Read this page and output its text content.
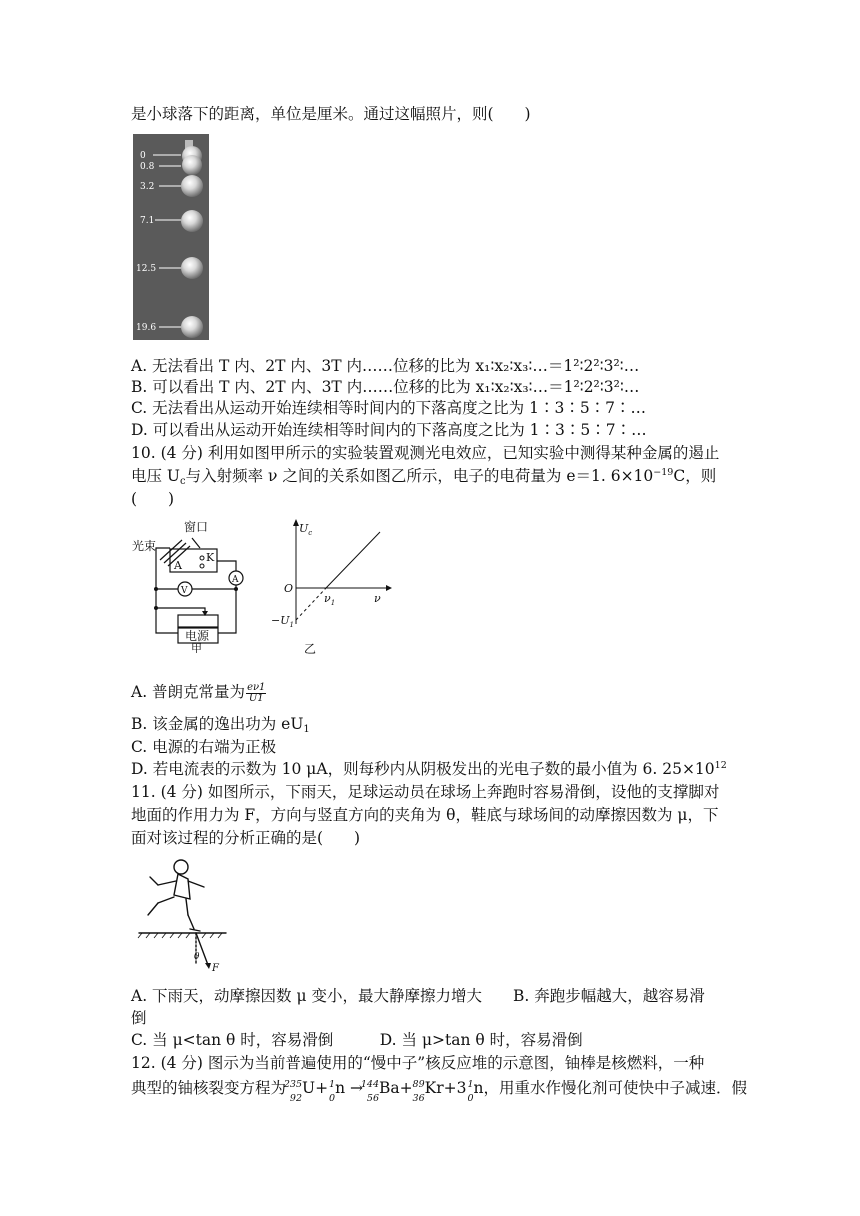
是小球落下的距离，单位是厘米。通过这幅照片，则(　　)
0
0.8
3.2
7.1
12.5
19.6
A. 无法看出 T 内、2T 内、3T 内……位移的比为 x₁∶x₂∶x₃∶…＝1²∶2²∶3²∶…
B. 可以看出 T 内、2T 内、3T 内……位移的比为 x₁∶x₂∶x₃∶…＝1²∶2²∶3²∶…
C. 无法看出从运动开始连续相等时间内的下落高度之比为 1∶3∶5∶7∶…
D. 可以看出从运动开始连续相等时间内的下落高度之比为 1∶3∶5∶7∶…
10. (4 分) 利用如图甲所示的实验装置观测光电效应，已知实验中测得某种金属的遏止
电压 $U_c$与入射频率 ν 之间的关系如图乙所示，电子的电荷量为 e＝1. $6\times 10^{-19}C$，则
(　　)
光束
窗口
K
A
A
V
电源
甲
$U_c$
O
ν
$\nu_1$
$-U_1$
乙
A. 普朗克常量为 $\frac{e\nu 1}{U1}$
B. 该金属的逸出功为 $eU_1$
C. 电源的右端为正极
D. 若电流表的示数为 10 μA，则每秒内从阴极发出的光电子数的最小值为 6. $25\times 10^{12}$
11. (4 分) 如图所示，下雨天，足球运动员在球场上奔跑时容易滑倒，设他的支撑脚对
地面的作用力为 F，方向与竖直方向的夹角为 θ，鞋底与球场间的动摩擦因数为 μ，下
面对该过程的分析正确的是(　　)
θ
F
A. 下雨天，动摩擦因数 μ 变小，最大静摩擦力增大　　B. 奔跑步幅越大，越容易滑
倒
C. 当 μ<tan θ 时，容易滑倒　　　D. 当 μ>tan θ 时，容易滑倒
12. (4 分) 图示为当前普遍使用的“慢中子”核反应堆的示意图，铀棒是核燃料，一种
典型的铀核裂变方程为
235
92
U+ 1
0
n →
144
56
Ba+ 89
36
Kr+3 1
0
n，用重水作慢化剂可使快中子减速．假
